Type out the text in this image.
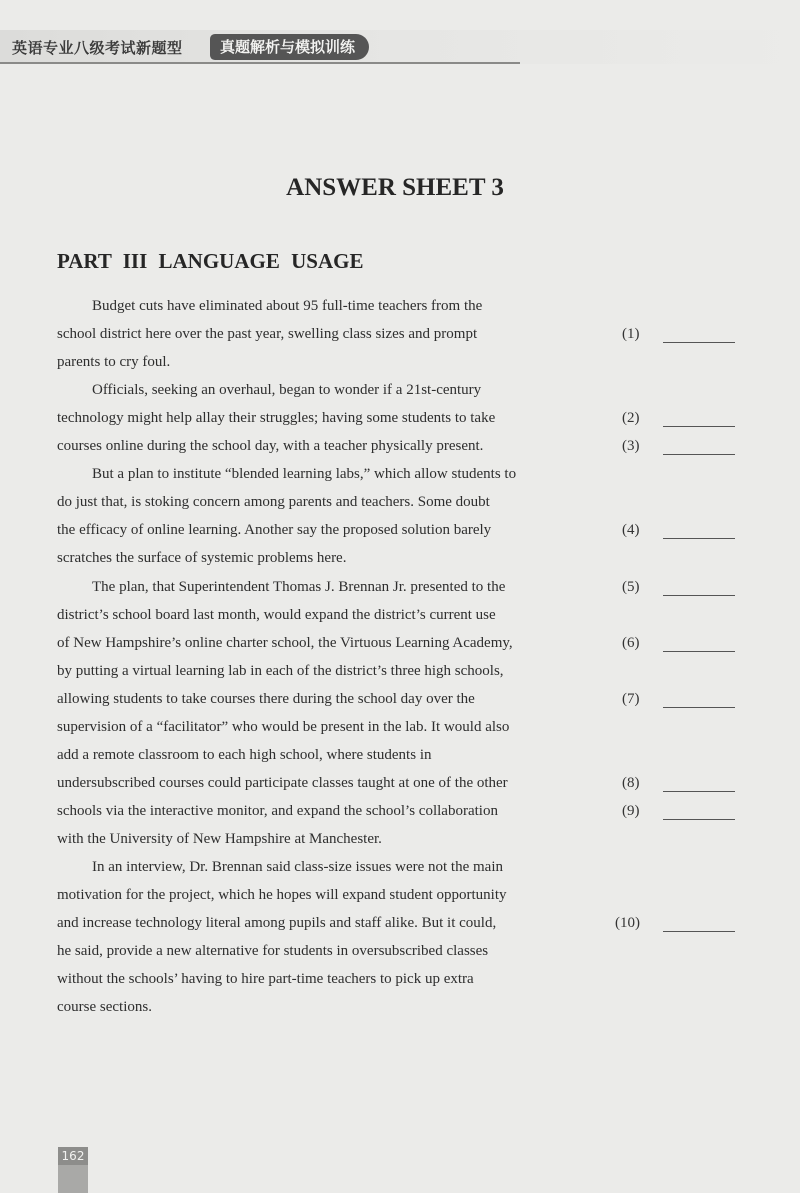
英语专业八级考试新题型	真题解析与模拟训练
ANSWER SHEET 3
PART III LANGUAGE USAGE
Budget cuts have eliminated about 95 full-time teachers from the
school district here over the past year, swelling class sizes and prompt
parents to cry foul.
Officials, seeking an overhaul, began to wonder if a 21st-century
technology might help allay their struggles; having some students to take
courses online during the school day, with a teacher physically present.
But a plan to institute “blended learning labs,” which allow students to
do just that, is stoking concern among parents and teachers. Some doubt
the efficacy of online learning. Another say the proposed solution barely
scratches the surface of systemic problems here.
The plan, that Superintendent Thomas J. Brennan Jr. presented to the
district’s school board last month, would expand the district’s current use
of New Hampshire’s online charter school, the Virtuous Learning Academy,
by putting a virtual learning lab in each of the district’s three high schools,
allowing students to take courses there during the school day over the
supervision of a “facilitator” who would be present in the lab. It would also
add a remote classroom to each high school, where students in
undersubscribed courses could participate classes taught at one of the other
schools via the interactive monitor, and expand the school’s collaboration
with the University of New Hampshire at Manchester.
In an interview, Dr. Brennan said class-size issues were not the main
motivation for the project, which he hopes will expand student opportunity
and increase technology literal among pupils and staff alike. But it could,
he said, provide a new alternative for students in oversubscribed classes
without the schools’ having to hire part-time teachers to pick up extra
course sections.
(1)
(2)
(3)
(4)
(5)
(6)
(7)
(8)
(9)
(10)
162
